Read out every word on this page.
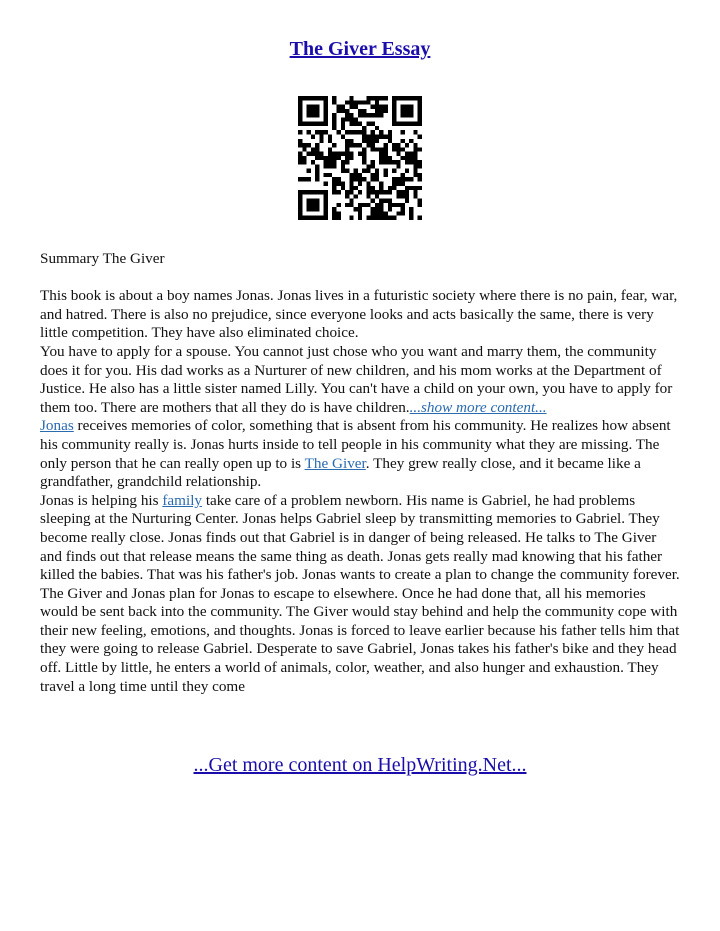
The Giver Essay

Summary The Giver

This book is about a boy names Jonas. Jonas lives in a futuristic society where there is no pain, fear, war, and hatred. There is also no prejudice, since everyone looks and acts basically the same, there is very little competition. They have also eliminated choice.

You have to apply for a spouse. You cannot just chose who you want and marry them, the community does it for you. His dad works as a Nurturer of new children, and his mom works at the Department of Justice. He also has a little sister named Lilly. You can't have a child on your own, you have to apply for them too. There are mothers that all they do is have children....show more content...

Jonas receives memories of color, something that is absent from his community. He realizes how absent his community really is. Jonas hurts inside to tell people in his community what they are missing. The only person that he can really open up to is The Giver. They grew really close, and it became like a grandfather, grandchild relationship.

Jonas is helping his family take care of a problem newborn. His name is Gabriel, he had problems sleeping at the Nurturing Center. Jonas helps Gabriel sleep by transmitting memories to Gabriel. They become really close. Jonas finds out that Gabriel is in danger of being released. He talks to The Giver and finds out that release means the same thing as death. Jonas gets really mad knowing that his father killed the babies. That was his father's job. Jonas wants to create a plan to change the community forever.

The Giver and Jonas plan for Jonas to escape to elsewhere. Once he had done that, all his memories would be sent back into the community. The Giver would stay behind and help the community cope with their new feeling, emotions, and thoughts. Jonas is forced to leave earlier because his father tells him that they were going to release Gabriel. Desperate to save Gabriel, Jonas takes his father's bike and they head off. Little by little, he enters a world of animals, color, weather, and also hunger and exhaustion. They travel a long time until they come

...Get more content on HelpWriting.Net...
